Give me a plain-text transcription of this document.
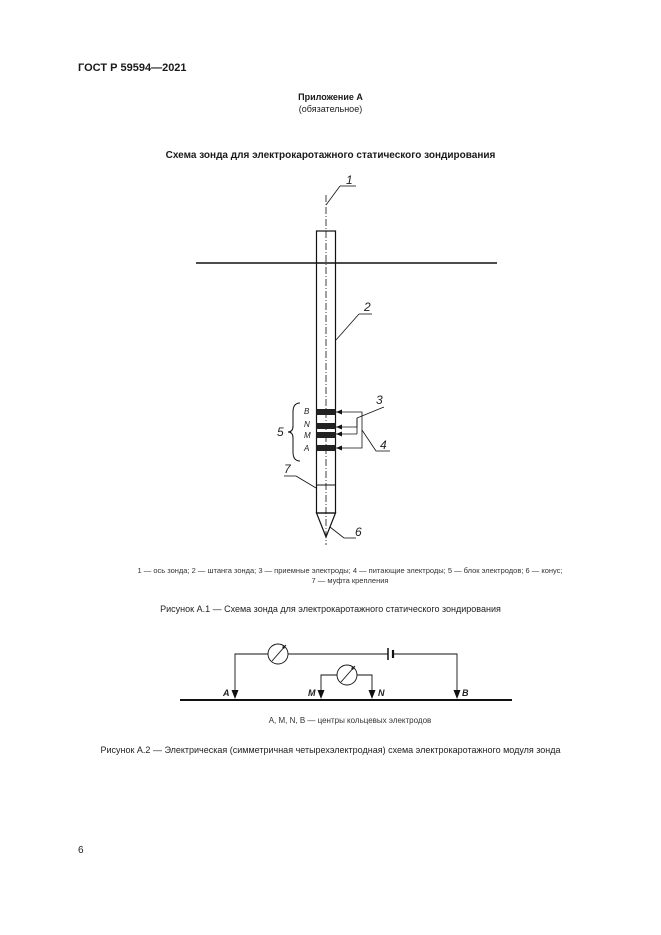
ГОСТ Р 59594—2021
Приложение А
(обязательное)
Схема зонда для электрокаротажного статического зондирования
B
N
M
A
1
2
3
4
5
6
7
1 — ось зонда; 2 — штанга зонда; 3 — приемные электроды; 4 — питающие электроды; 5 — блок электродов; 6 — конус;
7 — муфта крепления
Рисунок А.1 — Схема зонда для электрокаротажного статического зондирования
A	M	N	B
A, M, N, B — центры кольцевых электродов
Рисунок А.2 — Электрическая (симметричная четырехэлектродная) схема электрокаротажного модуля зонда
6
